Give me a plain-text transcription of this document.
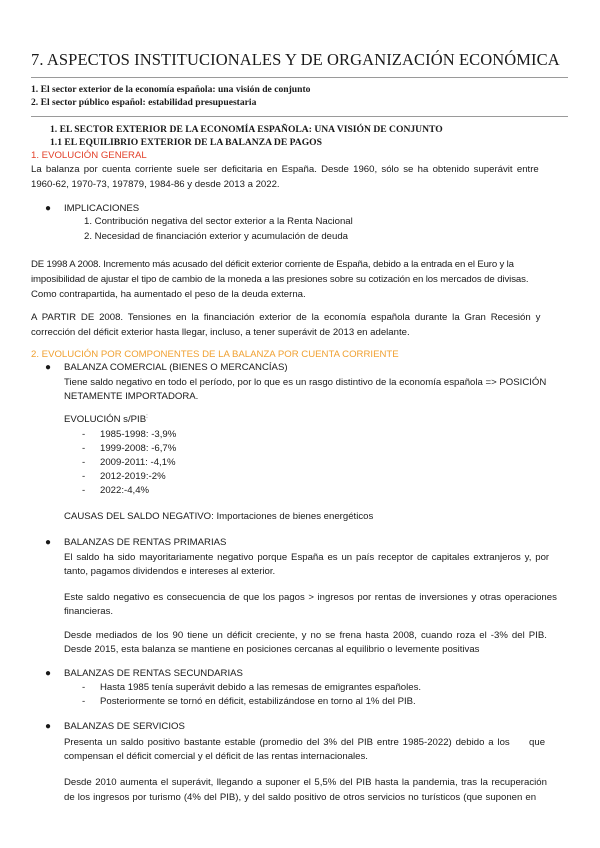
7. ASPECTOS INSTITUCIONALES Y DE ORGANIZACIÓN ECONÓMICA
1. El sector exterior de la economía española: una visión de conjunto
2. El sector público español: estabilidad presupuestaria
1. EL SECTOR EXTERIOR DE LA ECONOMÍA ESPAÑOLA: UNA VISIÓN DE CONJUNTO
1.1 EL EQUILIBRIO EXTERIOR DE LA BALANZA DE PAGOS
1. EVOLUCIÓN GENERAL
La balanza por cuenta corriente suele ser deficitaria en España. Desde 1960, sólo se ha obtenido superávit entre
1960-62, 1970-73, 197879, 1984-86 y desde 2013 a 2022.
● IMPLICACIONES
1. Contribución negativa del sector exterior a la Renta Nacional
2. Necesidad de financiación exterior y acumulación de deuda
DE 1998 A 2008. Incremento más acusado del déficit exterior corriente de España, debido a la entrada en el Euro y la
imposibilidad de ajustar el tipo de cambio de la moneda a las presiones sobre su cotización en los mercados de divisas.
Como contrapartida, ha aumentado el peso de la deuda externa.
A PARTIR DE 2008. Tensiones en la financiación exterior de la economía española durante la Gran Recesión y
corrección del déficit exterior hasta llegar, incluso, a tener superávit de 2013 en adelante.
2. EVOLUCIÓN POR COMPONENTES DE LA BALANZA POR CUENTA CORRIENTE
● BALANZA COMERCIAL (BIENES O MERCANCÍAS)
Tiene saldo negativo en todo el período, por lo que es un rasgo distintivo de la economía española => POSICIÓN
NETAMENTE IMPORTADORA.
EVOLUCIÓN s/PIB:
- 1985-1998: -3,9%
- 1999-2008: -6,7%
- 2009-2011: -4,1%
- 2012-2019:-2%
- 2022:-4,4%
CAUSAS DEL SALDO NEGATIVO: Importaciones de bienes energéticos
● BALANZAS DE RENTAS PRIMARIAS
El saldo ha sido mayoritariamente negativo porque España es un país receptor de capitales extranjeros y, por
tanto, pagamos dividendos e intereses al exterior.
Este saldo negativo es consecuencia de que los pagos > ingresos por rentas de inversiones y otras operaciones
financieras.
Desde mediados de los 90 tiene un déficit creciente, y no se frena hasta 2008, cuando roza el -3% del PIB.
Desde 2015, esta balanza se mantiene en posiciones cercanas al equilibrio o levemente positivas
● BALANZAS DE RENTAS SECUNDARIAS
- Hasta 1985 tenía superávit debido a las remesas de emigrantes españoles.
- Posteriormente se tornó en déficit, estabilizándose en torno al 1% del PIB.
● BALANZAS DE SERVICIOS
Presenta un saldo positivo bastante estable (promedio del 3% del PIB entre 1985-2022) debido a los     que
compensan el déficit comercial y el déficit de las rentas internacionales.
Desde 2010 aumenta el superávit, llegando a suponer el 5,5% del PIB hasta la pandemia, tras la recuperación
de los ingresos por turismo (4% del PIB), y del saldo positivo de otros servicios no turísticos (que suponen en
